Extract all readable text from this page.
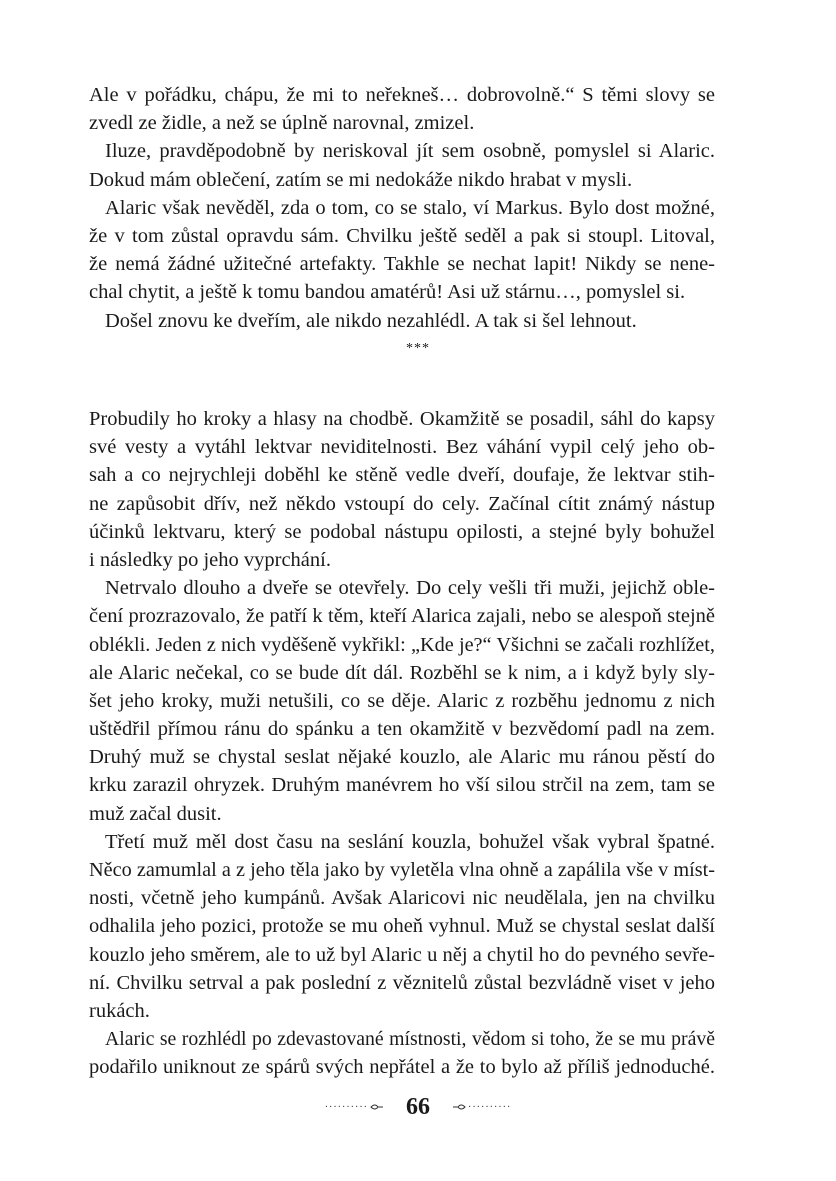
Ale v pořádku, chápu, že mi to neřekneš… dobrovolně.“ S těmi slovy se
zvedl ze židle, a než se úplně narovnal, zmizel.
Iluze, pravděpodobně by neriskoval jít sem osobně, pomyslel si Alaric.
Dokud mám oblečení, zatím se mi nedokáže nikdo hrabat v mysli.
Alaric však nevěděl, zda o tom, co se stalo, ví Markus. Bylo dost možné,
že v tom zůstal opravdu sám. Chvilku ještě seděl a pak si stoupl. Litoval,
že nemá žádné užitečné artefakty. Takhle se nechat lapit! Nikdy se nene-
chal chytit, a ještě k tomu bandou amatérů! Asi už stárnu…, pomyslel si.
Došel znovu ke dveřím, ale nikdo nezahlédl. A tak si šel lehnout.
***
Probudily ho kroky a hlasy na chodbě. Okamžitě se posadil, sáhl do kapsy
své vesty a vytáhl lektvar neviditelnosti. Bez váhání vypil celý jeho ob-
sah a co nejrychleji doběhl ke stěně vedle dveří, doufaje, že lektvar stih-
ne zapůsobit dřív, než někdo vstoupí do cely. Začínal cítit známý nástup
účinků lektvaru, který se podobal nástupu opilosti, a stejné byly bohužel
i následky po jeho vyprchání.
Netrvalo dlouho a dveře se otevřely. Do cely vešli tři muži, jejichž oble-
čení prozrazovalo, že patří k těm, kteří Alarica zajali, nebo se alespoň stejně
oblékli. Jeden z nich vyděšeně vykřikl: „Kde je?“ Všichni se začali rozhlížet,
ale Alaric nečekal, co se bude dít dál. Rozběhl se k nim, a i když byly sly-
šet jeho kroky, muži netušili, co se děje. Alaric z rozběhu jednomu z nich
uštědřil přímou ránu do spánku a ten okamžitě v bezvědomí padl na zem.
Druhý muž se chystal seslat nějaké kouzlo, ale Alaric mu ránou pěstí do
krku zarazil ohryzek. Druhým manévrem ho vší silou strčil na zem, tam se
muž začal dusit.
Třetí muž měl dost času na seslání kouzla, bohužel však vybral špatné.
Něco zamumlal a z jeho těla jako by vyletěla vlna ohně a zapálila vše v míst-
nosti, včetně jeho kumpánů. Avšak Alaricovi nic neudělala, jen na chvilku
odhalila jeho pozici, protože se mu oheň vyhnul. Muž se chystal seslat další
kouzlo jeho směrem, ale to už byl Alaric u něj a chytil ho do pevného sevře-
ní. Chvilku setrval a pak poslední z věznitelů zůstal bezvládně viset v jeho
rukách.
Alaric se rozhlédl po zdevastované místnosti, vědom si toho, že se mu právě
podařilo uniknout ze spárů svých nepřátel a že to bylo až příliš jednoduché.
·········· 66	··········
